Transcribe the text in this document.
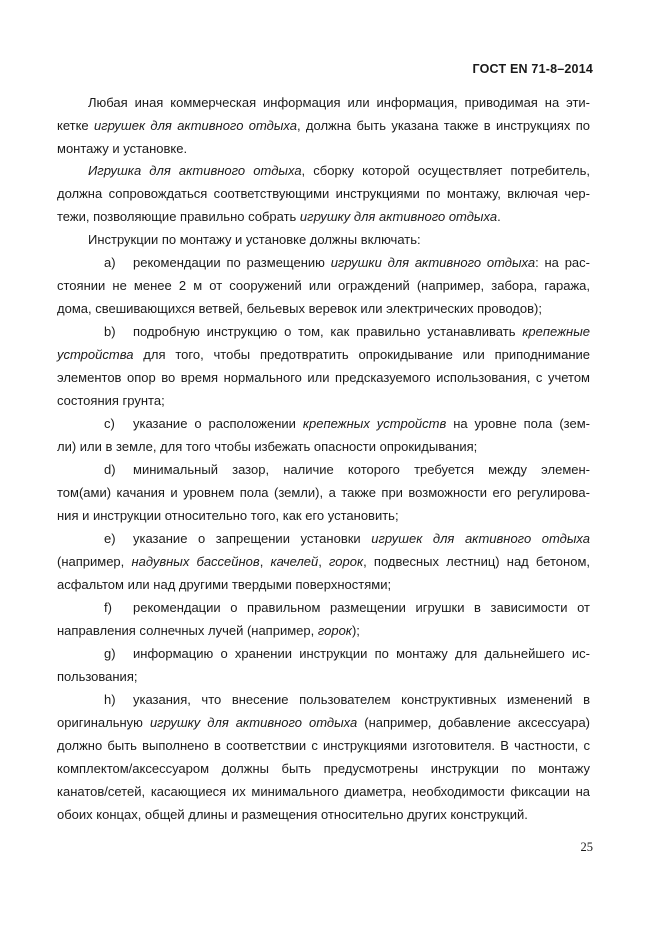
ГОСТ EN 71-8–2014
Любая иная коммерческая информация или информация, приводимая на эти-
кетке игрушек для активного отдыха, должна быть указана также в инструкциях по
монтажу и установке.
Игрушка для активного отдыха, сборку которой осуществляет потребитель,
должна сопровождаться соответствующими инструкциями по монтажу, включая чер-
тежи, позволяющие правильно собрать игрушку для активного отдыха.
Инструкции по монтажу и установке должны включать:
а) рекомендации по размещению игрушки для активного отдыха: на рас-
стоянии не менее 2 м от сооружений или ограждений (например, забора, гаража,
дома, свешивающихся ветвей, бельевых веревок или электрических проводов);
b) подробную инструкцию о том, как правильно устанавливать крепежные
устройства для того, чтобы предотвратить опрокидывание или приподнимание
элементов опор во время нормального или предсказуемого использования, с учетом
состояния грунта;
c) указание о расположении крепежных устройств на уровне пола (зем-
ли) или в земле, для того чтобы избежать опасности опрокидывания;
d) минимальный зазор, наличие которого требуется между элемен-
том(ами) качания и уровнем пола (земли), а также при возможности его регулирова-
ния и инструкции относительно того, как его установить;
e) указание о запрещении установки игрушек для активного отдыха
(например, надувных бассейнов, качелей, горок, подвесных лестниц) над бетоном,
асфальтом или над другими твердыми поверхностями;
f) рекомендации о правильном размещении игрушки в зависимости от
направления солнечных лучей (например, горок);
g) информацию о хранении инструкции по монтажу для дальнейшего ис-
пользования;
h) указания, что внесение пользователем конструктивных изменений в
оригинальную игрушку для активного отдыха (например, добавление аксессуара)
должно быть выполнено в соответствии с инструкциями изготовителя. В частности, с
комплектом/аксессуаром должны быть предусмотрены инструкции по монтажу
канатов/сетей, касающиеся их минимального диаметра, необходимости фиксации на
обоих концах, общей длины и размещения относительно других конструкций.
25
